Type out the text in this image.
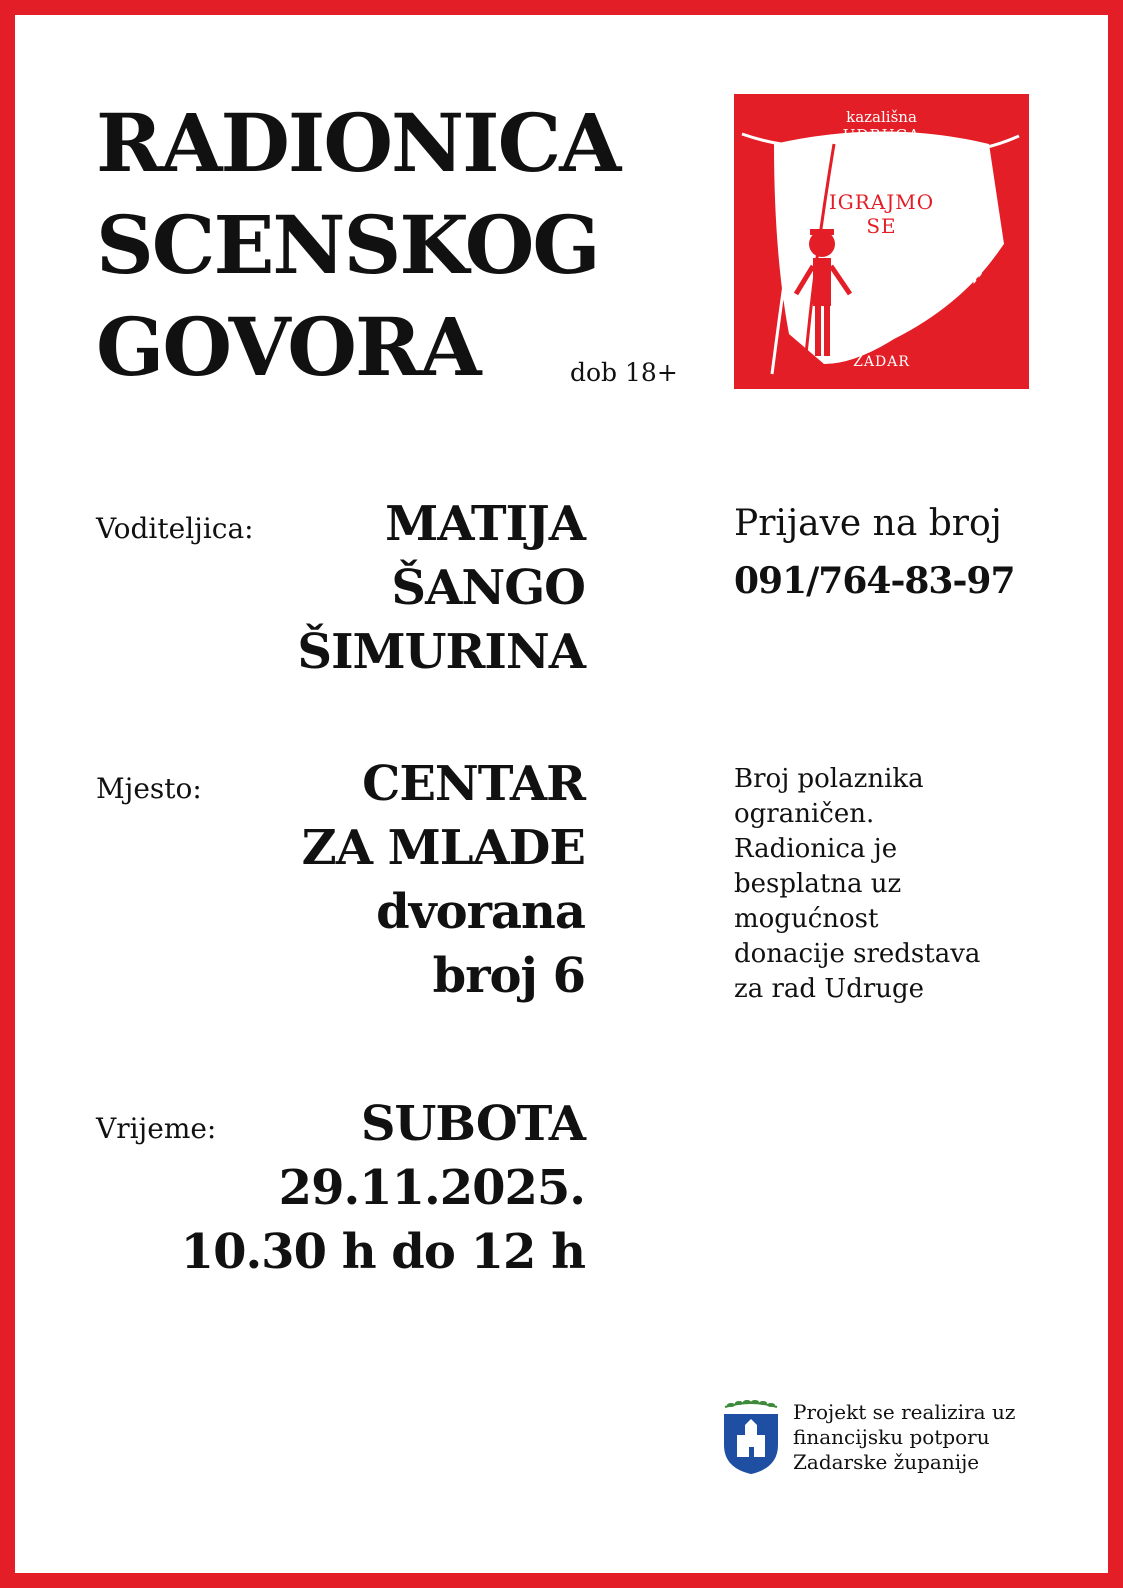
RADIONICA
SCENSKOG
GOVORA	dob 18+
kazališna
UDRUGA
IGRAJMO
SE
ZADAR
Voditeljica:	MATIJA
ŠANGO
ŠIMURINA
Prijave na broj
091/764-83-97
Mjesto:	CENTAR
ZA MLADE
dvorana
broj 6
Broj polaznika
ograničen.
Radionica je
besplatna uz
mogućnost
donacije sredstava
za rad Udruge
Vrijeme:	SUBOTA
29.11.2025.
10.30 h do 12 h
Projekt se realizira uz
financijsku potporu
Zadarske županije
